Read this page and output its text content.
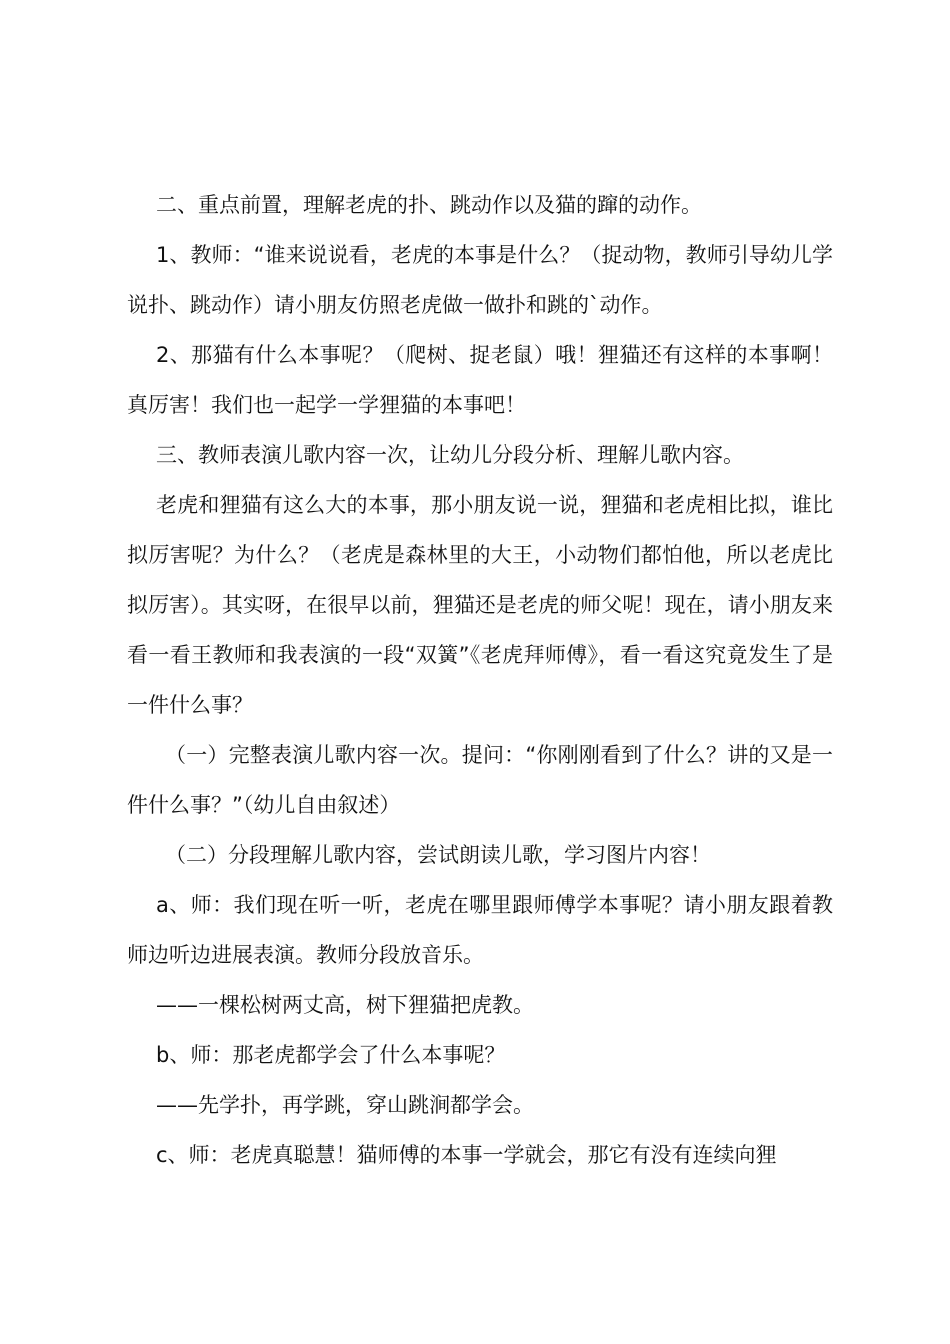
二、重点前置，理解老虎的扑、跳动作以及猫的蹿的动作。

1、教师：“谁来说说看，老虎的本事是什么？（捉动物，教师引导幼儿学说扑、跳动作）请小朋友仿照老虎做一做扑和跳的`动作。

2、那猫有什么本事呢？（爬树、捉老鼠）哦！狸猫还有这样的本事啊！真厉害！我们也一起学一学狸猫的本事吧！

三、教师表演儿歌内容一次，让幼儿分段分析、理解儿歌内容。

老虎和狸猫有这么大的本事，那小朋友说一说，狸猫和老虎相比拟，谁比拟厉害呢？为什么？（老虎是森林里的大王，小动物们都怕他，所以老虎比拟厉害）。其实呀，在很早以前，狸猫还是老虎的师父呢！现在，请小朋友来看一看王教师和我表演的一段“双簧”《老虎拜师傅》，看一看这究竟发生了是一件什么事？

（一）完整表演儿歌内容一次。提问：“你刚刚看到了什么？讲的又是一件什么事？”（幼儿自由叙述）

（二）分段理解儿歌内容，尝试朗读儿歌，学习图片内容！

a、师：我们现在听一听，老虎在哪里跟师傅学本事呢？请小朋友跟着教师边听边进展表演。教师分段放音乐。

——一棵松树两丈高，树下狸猫把虎教。

b、师：那老虎都学会了什么本事呢？

——先学扑，再学跳，穿山跳涧都学会。

c、师：老虎真聪慧！猫师傅的本事一学就会，那它有没有连续向狸
